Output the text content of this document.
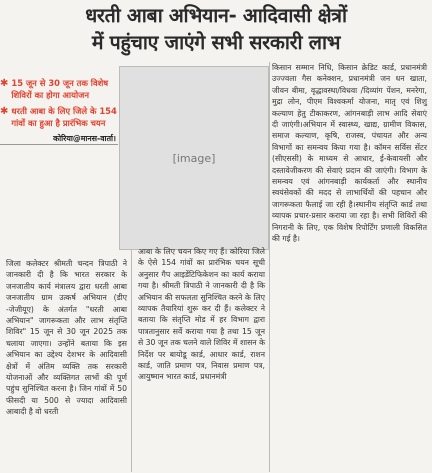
धरती आबा अभियान- आदिवासी क्षेत्रों
में पहुंचाए जाएंगे सभी सरकारी लाभ
✱ 15 जून से 30 जून तक विशेष शिविरों का होगा आयोजन
✱ धरती आबा के लिए जिले के 154 गांवों का हुआ है प्रारंभिक चयन
कोरिया@मानस-वार्ता।
[image]

जिला कलेक्टर श्रीमती चन्दन त्रिपाठी ने जानकारी दी है कि भारत सरकार के जनजातीय कार्य मंत्रालय द्वारा धरती आबा जनजातीय ग्राम उत्कर्ष अभियान (डीए -जेजीयूए) के अंतर्गत "धरती आबा अभियान" जागरूकता और लाभ संतृप्ति शिविर" 15 जून से 30 जून 2025 तक चलाया जाएगा। उन्होंने बताया कि इस अभियान का उद्देश्य देशभर के आदिवासी क्षेत्रों में अंतिम व्यक्ति तक सरकारी योजनाओं और व्यक्तिगत लाभों की पूर्ण पहुंच सुनिश्चित करना है। जिन गांवों में 50 फीसदी या 500 से ज्यादा आदिवासी आबादी है वो धरती

आबा के लिए चयन किए गए हैं। कोरिया जिले के ऐसे 154 गांवों का प्रारंभिक चयन सूची अनुसार गैप आइडेंटिफिकेशन का कार्य कराया गया है। श्रीमती त्रिपाठी ने जानकारी दी है कि अभियान की सफलता सुनिश्चित करने के लिए व्यापक तैयारियां शुरू कर दी हैं। कलेक्टर ने बताया कि संतृप्ति मोड में हर विभाग द्वारा पात्रतानुसार सर्वे कराया गया है तथा 15 जून से 30 जून तक चलने वाले शिविर में शासन के निर्देश पर बायोडू कार्ड, आधार कार्ड, राशन कार्ड, जाति प्रमाण पत्र, निवास प्रमाण पत्र, आयुष्मान भारत कार्ड, प्रधानमंत्री

किसान सम्मान निधि, किसान क्रेडिट कार्ड, प्रधानमंत्री उज्ज्वला गैस कनेक्शन, प्रधानमंत्री जन धन खाता, जीवन बीमा, वृद्धावस्था/विधवा /दिव्यांग पेंशन, मनरेगा, मुद्रा लोन, पीएम विश्वकर्मा योजना, मातृ एवं शिशु कल्याण हेतु टीकाकरण, आंगनबाड़ी लाभ आदि सेवाएं दी जाएंगी।अभियान में स्वास्थ्य, खाद्य, ग्रामीण विकास, समाज कल्याण, कृषि, राजस्व, पंचायत और अन्य विभागों का समन्वय किया गया है। कॉमन सर्विस सेंटर (सीएससी) के माध्यम से आधार, ई-केवायसी और दस्तावेजीकरण की सेवाएं प्रदान की जाएंगी। विभाग के समन्वय एवं आंगनबाड़ी कार्यकर्ता और स्थानीय स्वयंसेवकों की मदद से लाभार्थियों की पहचान और जागरूकता फैलाई जा रही है।स्थानीय संतृप्ति कार्ड तथा व्यापक प्रचार-प्रसार कराया जा रहा है। सभी शिविरों की निगरानी के लिए, एक विशेष रिपोर्टिंग प्रणाली विकसित की गई है।
